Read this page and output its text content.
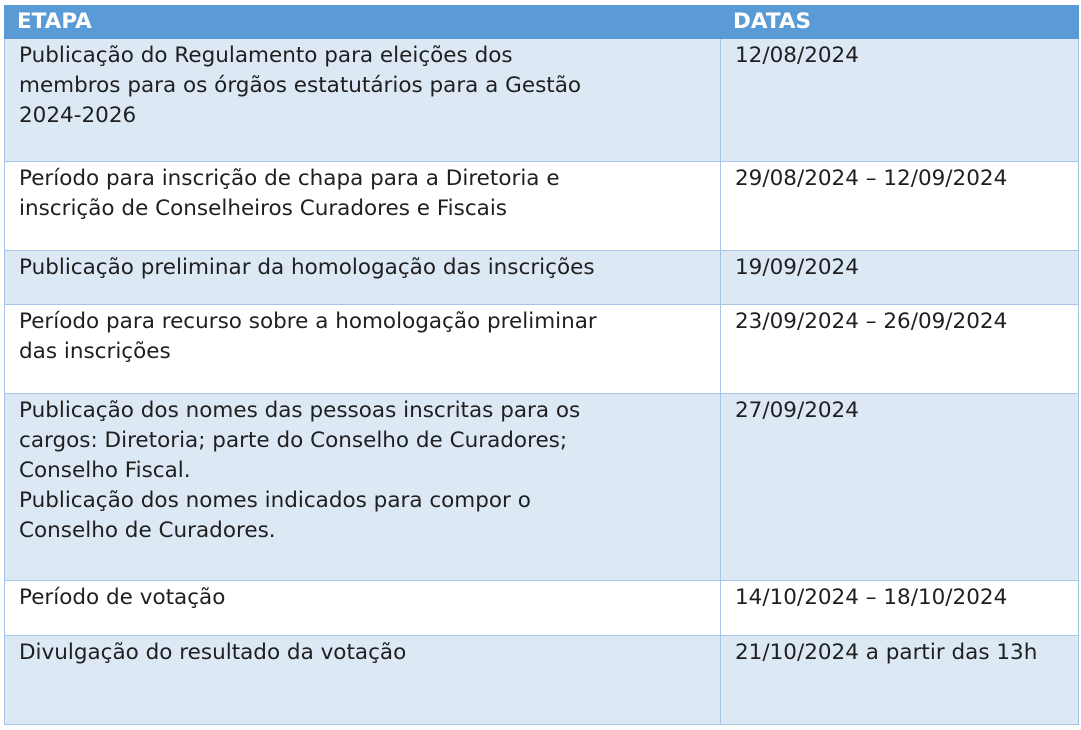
ETAPA	DATAS

Publicação do Regulamento para eleições dos
membros para os órgãos estatutários para a Gestão
2024-2026	12/08/2024

Período para inscrição de chapa para a Diretoria e
inscrição de Conselheiros Curadores e Fiscais	29/08/2024 – 12/09/2024

Publicação preliminar da homologação das inscrições	19/09/2024

Período para recurso sobre a homologação preliminar
das inscrições	23/09/2024 – 26/09/2024

Publicação dos nomes das pessoas inscritas para os
cargos: Diretoria; parte do Conselho de Curadores;
Conselho Fiscal.
Publicação dos nomes indicados para compor o
Conselho de Curadores.	27/09/2024

Período de votação	14/10/2024 – 18/10/2024

Divulgação do resultado da votação	21/10/2024 a partir das 13h
